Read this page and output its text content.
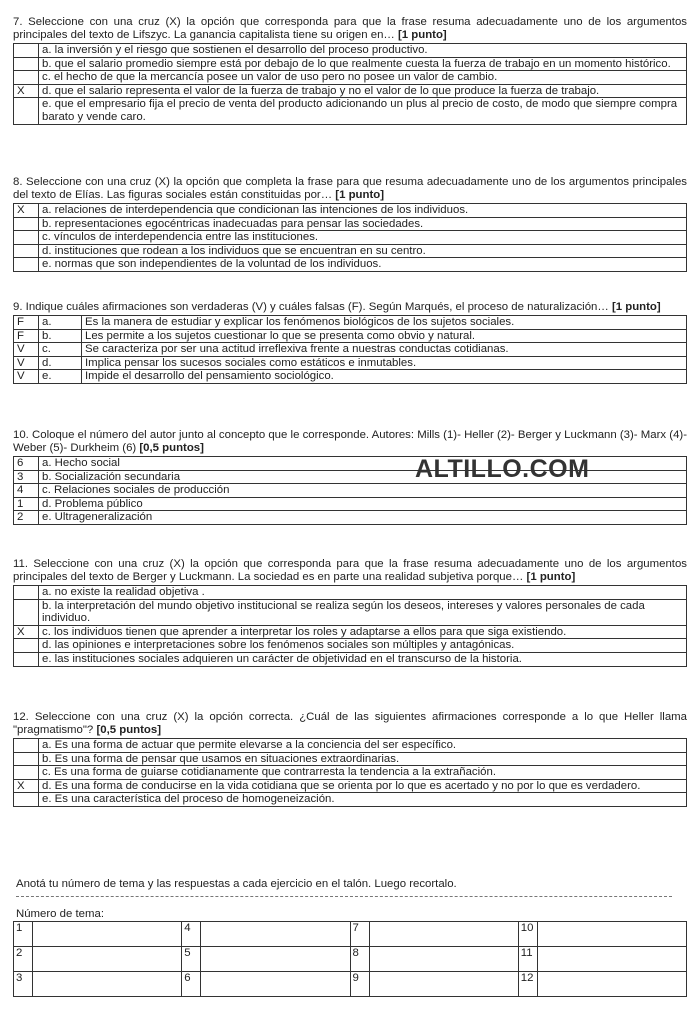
7. Seleccione con una cruz (X) la opción que corresponda para que la frase resuma adecuadamente uno de los argumentos principales del texto de Lifszyc. La ganancia capitalista tiene su origen en… [1 punto]

	a. la inversión y el riesgo que sostienen el desarrollo del proceso productivo.
	b. que el salario promedio siempre está por debajo de lo que realmente cuesta la fuerza de trabajo en un momento histórico.
	c. el hecho de que la mercancía posee un valor de uso pero no posee un valor de cambio.
X	d. que el salario representa el valor de la fuerza de trabajo y no el valor de lo que produce la fuerza de trabajo.
	e. que el empresario fija el precio de venta del producto adicionando un plus al precio de costo, de modo que siempre compra barato y vende caro.

8. Seleccione con una cruz (X) la opción que completa la frase para que resuma adecuadamente uno de los argumentos principales del texto de Elías. Las figuras sociales están constituidas por… [1 punto]

X	a. relaciones de interdependencia que condicionan las intenciones de los individuos.
	b. representaciones egocéntricas inadecuadas para pensar las sociedades.
	c. vínculos de interdependencia entre las instituciones.
	d. instituciones que rodean a los individuos que se encuentran en su centro.
	e. normas que son independientes de la voluntad de los individuos.

9. Indique cuáles afirmaciones son verdaderas (V) y cuáles falsas (F). Según Marqués, el proceso de naturalización… [1 punto]

F	a.	Es la manera de estudiar y explicar los fenómenos biológicos de los sujetos sociales.
F	b.	Les permite a los sujetos cuestionar lo que se presenta como obvio y natural.
V	c.	Se caracteriza por ser una actitud irreflexiva frente a nuestras conductas cotidianas.
V	d.	Implica pensar los sucesos sociales como estáticos e inmutables.
V	e.	Impide el desarrollo del pensamiento sociológico.

10. Coloque el número del autor junto al concepto que le corresponde. Autores: Mills (1)- Heller (2)- Berger y Luckmann (3)- Marx (4)- Weber (5)- Durkheim (6) [0,5 puntos]

6	a. Hecho social
3	b. Socialización secundaria
4	c. Relaciones sociales de producción
1	d. Problema público
2	e. Ultrageneralización
ALTILLO.COM

11. Seleccione con una cruz (X) la opción que corresponda para que la frase resuma adecuadamente uno de los argumentos principales del texto de Berger y Luckmann. La sociedad es en parte una realidad subjetiva porque… [1 punto]

	a. no existe la realidad objetiva .
	b. la interpretación del mundo objetivo institucional se realiza según los deseos, intereses y valores personales de cada individuo.
X	c. los individuos tienen que aprender a interpretar los roles y adaptarse a ellos para que siga existiendo.
	d. las opiniones e interpretaciones sobre los fenómenos sociales son múltiples y antagónicas.
	e. las instituciones sociales adquieren un carácter de objetividad en el transcurso de la historia.

12. Seleccione con una cruz (X) la opción correcta. ¿Cuál de las siguientes afirmaciones corresponde a lo que Heller llama "pragmatismo"? [0,5 puntos]

	a. Es una forma de actuar que permite elevarse a la conciencia del ser específico.
	b. Es una forma de pensar que usamos en situaciones extraordinarias.
	c. Es una forma de guiarse cotidianamente que contrarresta la tendencia a la extrañación.
X	d. Es una forma de conducirse en la vida cotidiana que se orienta por lo que es acertado y no por lo que es verdadero.
	e. Es una característica del proceso de homogeneización.
Anotá tu número de tema y las respuestas a cada ejercicio en el talón. Luego recortalo.
Número de tema:
1		4		7		10	
2		5		8		11	
3		6		9		12	
